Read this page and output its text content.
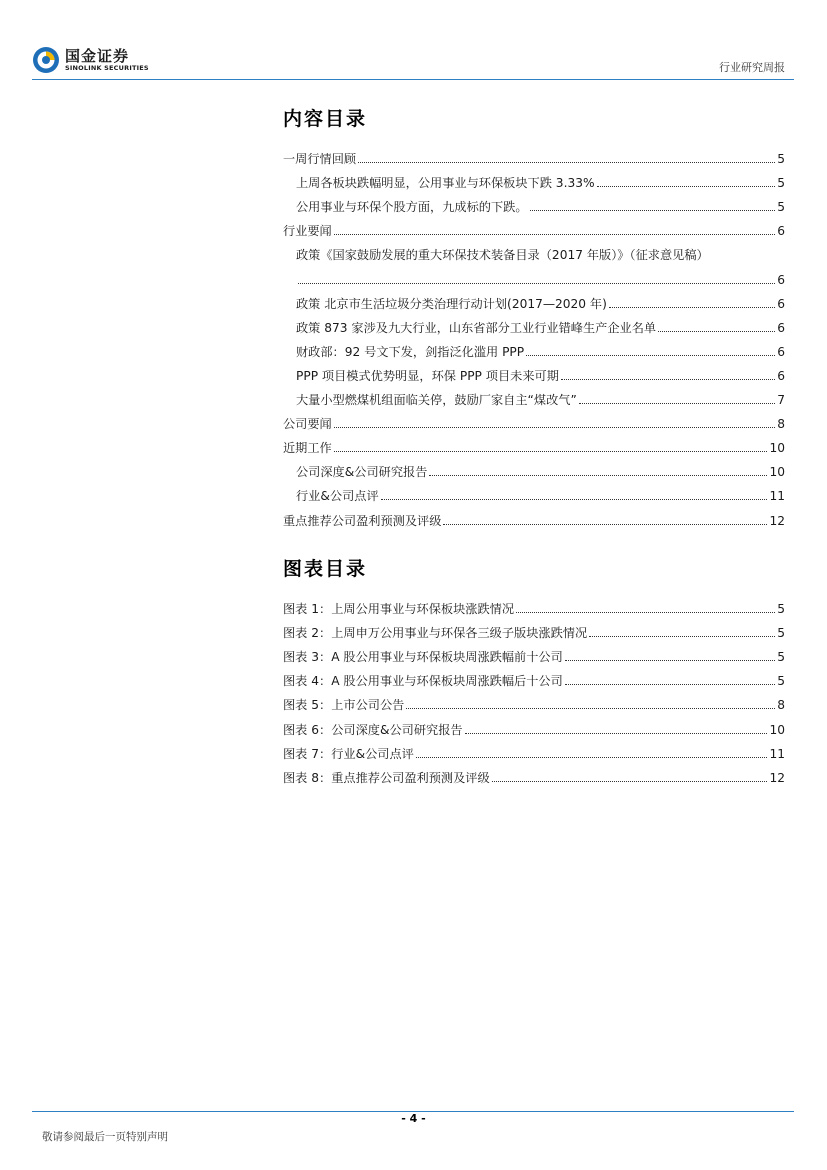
国金证券
SINOLINK SECURITIES	行业研究周报
内容目录
一周行情回顾	5
上周各板块跌幅明显，公用事业与环保板块下跌 3.33%	5
公用事业与环保个股方面，九成标的下跌。	5
行业要闻	6
政策《国家鼓励发展的重大环保技术装备目录（2017 年版）》（征求意见稿）
6
政策 北京市生活垃圾分类治理行动计划(2017—2020 年)	6
政策 873 家涉及九大行业，山东省部分工业行业错峰生产企业名单	6
财政部：92 号文下发，剑指泛化滥用 PPP	6
PPP 项目模式优势明显，环保 PPP 项目未来可期	6
大量小型燃煤机组面临关停，鼓励厂家自主“煤改气”	7
公司要闻	8
近期工作	10
公司深度&公司研究报告	10
行业&公司点评	11
重点推荐公司盈利预测及评级	12
图表目录
图表 1：上周公用事业与环保板块涨跌情况	5
图表 2：上周申万公用事业与环保各三级子版块涨跌情况	5
图表 3：A 股公用事业与环保板块周涨跌幅前十公司	5
图表 4：A 股公用事业与环保板块周涨跌幅后十公司	5
图表 5：上市公司公告	8
图表 6：公司深度&公司研究报告	10
图表 7：行业&公司点评	11
图表 8：重点推荐公司盈利预测及评级	12
- 4 -
敬请参阅最后一页特别声明
